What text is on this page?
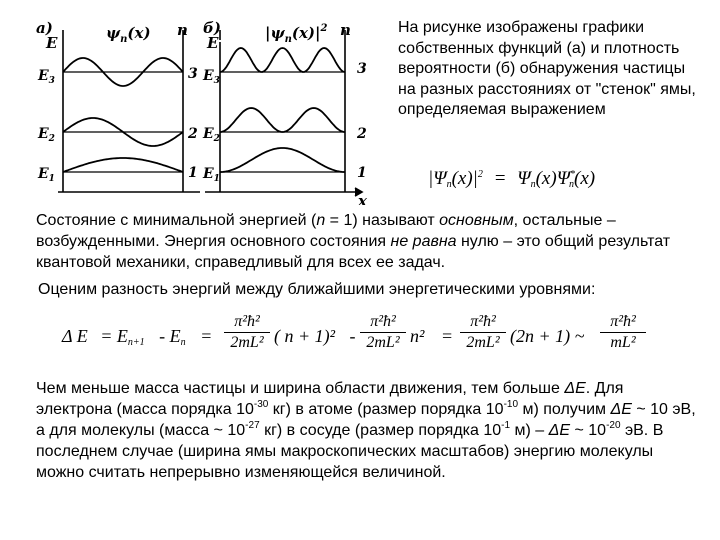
а)
E
$\psi_n(x)$ n б)
E
$|\psi_n(x)|^2$ n
x
$E_3$
$E_2$
$E_1$
3
2
1
$E_3$
$E_2$
$E_1$
3
2
1
На рисунке изображены графики собственных функций (а) и плотность вероятности (б) обнаружения частицы на разных расстояниях от "стенок" ямы, определяемая выражением
$|\Psi_n(x)|^2 = \Psi_n(x)\Psi^*_n(x)$
Состояние с минимальной энергией (n = 1) называют основным, остальные – возбужденными. Энергия основного состояния не равна нулю – это общий результат квантовой механики, справедливый для всех ее задач.
Оценим разность энергий между ближайшими энергетическими уровнями:
Δ $E = E_{n+1} - E_n = \frac{\text{π²ħ²}}{\text{2mL²}}$ ( $n + 1)^2 - \frac{\text{π²ħ²}}{\text{2mL²}} n^2 = \frac{\text{π²ħ²}}{\text{2mL²}} (2n + 1)$ ~ $\frac{\text{π²ħ²}}{\text{mL²}}$
Чем меньше масса частицы и ширина области движения, тем больше ΔE. Для электрона (масса порядка $10^{-30}$ кг) в атоме (размер порядка $10^{-10}$ м) получим ΔE ~ 10 эВ, а для молекулы (масса ~ $10^{-27}$ кг) в сосуде (размер порядка $10^{-1}$ м) – ΔE ~ $10^{-20}$ эВ. В последнем случае (ширина ямы макроскопических масштабов) энергию молекулы можно считать непрерывно изменяющейся величиной.
